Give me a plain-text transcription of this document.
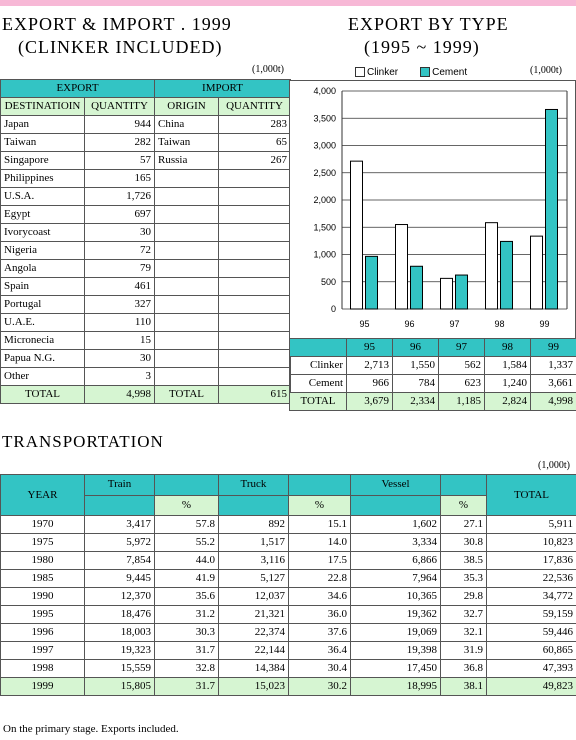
EXPORT & IMPORT . 1999
(CLINKER INCLUDED)
EXPORT BY TYPE
(1995 ~ 1999)
(1,000t)
EXPORT		IMPORT	
DESTINATIOIN	QUANTITY	ORIGIN	QUANTITY
Japan	944	China	283
Taiwan	282	Taiwan	65
Singapore	57	Russia	267
Philippines	165		
U.S.A.	1,726		
Egypt	697		
Ivorycoast	30		
Nigeria	72		
Angola	79		
Spain	461		
Portugal	327		
U.A.E.	110		
Micronecia	15		
Papua N.G.	30		
Other	3		
TOTAL	4,998	TOTAL	615
(1,000t)
0
500
1,000
1,500
2,000
2,500
3,000
3,500
4,000
95	96	97	98	99
	95	96	97	98	99
Clinker	2,713	1,550	562	1,584	1,337
Cement	966	784	623	1,240	3,661
TOTAL	3,679	2,334	1,185	2,824	4,998
TRANSPORTATION
(1,000t)
YEAR	Train		Truck		Vessel		TOTAL
		%		%		%	
1970	3,417	57.8	892	15.1	1,602	27.1	5,911
1975	5,972	55.2	1,517	14.0	3,334	30.8	10,823
1980	7,854	44.0	3,116	17.5	6,866	38.5	17,836
1985	9,445	41.9	5,127	22.8	7,964	35.3	22,536
1990	12,370	35.6	12,037	34.6	10,365	29.8	34,772
1995	18,476	31.2	21,321	36.0	19,362	32.7	59,159
1996	18,003	30.3	22,374	37.6	19,069	32.1	59,446
1997	19,323	31.7	22,144	36.4	19,398	31.9	60,865
1998	15,559	32.8	14,384	30.4	17,450	36.8	47,393
1999	15,805	31.7	15,023	30.2	18,995	38.1	49,823
On the primary stage. Exports included.
Clinker	Cement
